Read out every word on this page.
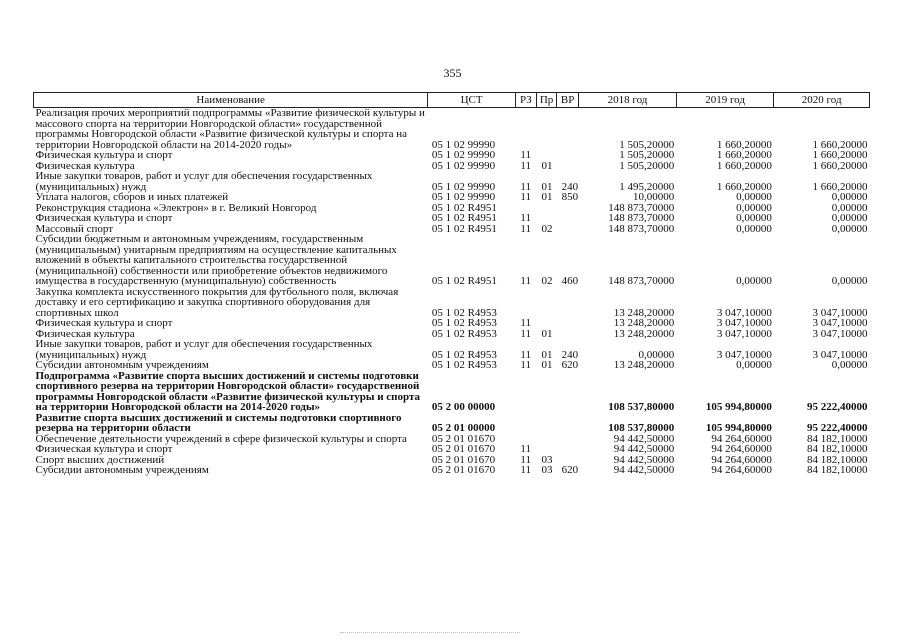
355
Наименование	ЦСТ	РЗ	Пр	ВР	2018 год	2019 год	2020 год
Реализация прочих мероприятий подпрограммы «Развитие физической культуры и массового спорта на территории Новгородской области» государственной программы Новгородской области «Развитие физической культуры и спорта на территории Новгородской области на 2014-2020 годы»	05 1 02 99990				1 505,20000	1 660,20000	1 660,20000
Физическая культура и спорт	05 1 02 99990	11			1 505,20000	1 660,20000	1 660,20000
Физическая культура	05 1 02 99990	11	01		1 505,20000	1 660,20000	1 660,20000
Иные закупки товаров, работ и услуг для обеспечения государственных (муниципальных) нужд	05 1 02 99990	11	01	240	1 495,20000	1 660,20000	1 660,20000
Уплата налогов, сборов и иных платежей	05 1 02 99990	11	01	850	10,00000	0,00000	0,00000
Реконструкция стадиона «Электрон» в г. Великий Новгород	05 1 02 R4951				148 873,70000	0,00000	0,00000
Физическая культура и спорт	05 1 02 R4951	11			148 873,70000	0,00000	0,00000
Массовый спорт	05 1 02 R4951	11	02		148 873,70000	0,00000	0,00000
Субсидии бюджетным и автономным учреждениям, государственным (муниципальным) унитарным предприятиям на осуществление капитальных вложений в объекты капитального строительства государственной (муниципальной) собственности или приобретение объектов недвижимого имущества в государственную (муниципальную) собственность	05 1 02 R4951	11	02	460	148 873,70000	0,00000	0,00000
Закупка комплекта искусственного покрытия для футбольного поля, включая доставку и его сертификацию и закупка спортивного оборудования для спортивных школ	05 1 02 R4953				13 248,20000	3 047,10000	3 047,10000
Физическая культура и спорт	05 1 02 R4953	11			13 248,20000	3 047,10000	3 047,10000
Физическая культура	05 1 02 R4953	11	01		13 248,20000	3 047,10000	3 047,10000
Иные закупки товаров, работ и услуг для обеспечения государственных (муниципальных) нужд	05 1 02 R4953	11	01	240	0,00000	3 047,10000	3 047,10000
Субсидии автономным учреждениям	05 1 02 R4953	11	01	620	13 248,20000	0,00000	0,00000
Подпрограмма «Развитие спорта высших достижений и системы подготовки спортивного резерва на территории Новгородской области» государственной программы Новгородской области «Развитие физической культуры и спорта на территории Новгородской области на 2014-2020 годы»	05 2 00 00000				108 537,80000	105 994,80000	95 222,40000
Развитие спорта высших достижений и системы подготовки спортивного резерва на территории области	05 2 01 00000				108 537,80000	105 994,80000	95 222,40000
Обеспечение деятельности учреждений в сфере физической культуры и спорта	05 2 01 01670				94 442,50000	94 264,60000	84 182,10000
Физическая культура и спорт	05 2 01 01670	11			94 442,50000	94 264,60000	84 182,10000
Спорт высших достижений	05 2 01 01670	11	03		94 442,50000	94 264,60000	84 182,10000
Субсидии автономным учреждениям	05 2 01 01670	11	03	620	94 442,50000	94 264,60000	84 182,10000
